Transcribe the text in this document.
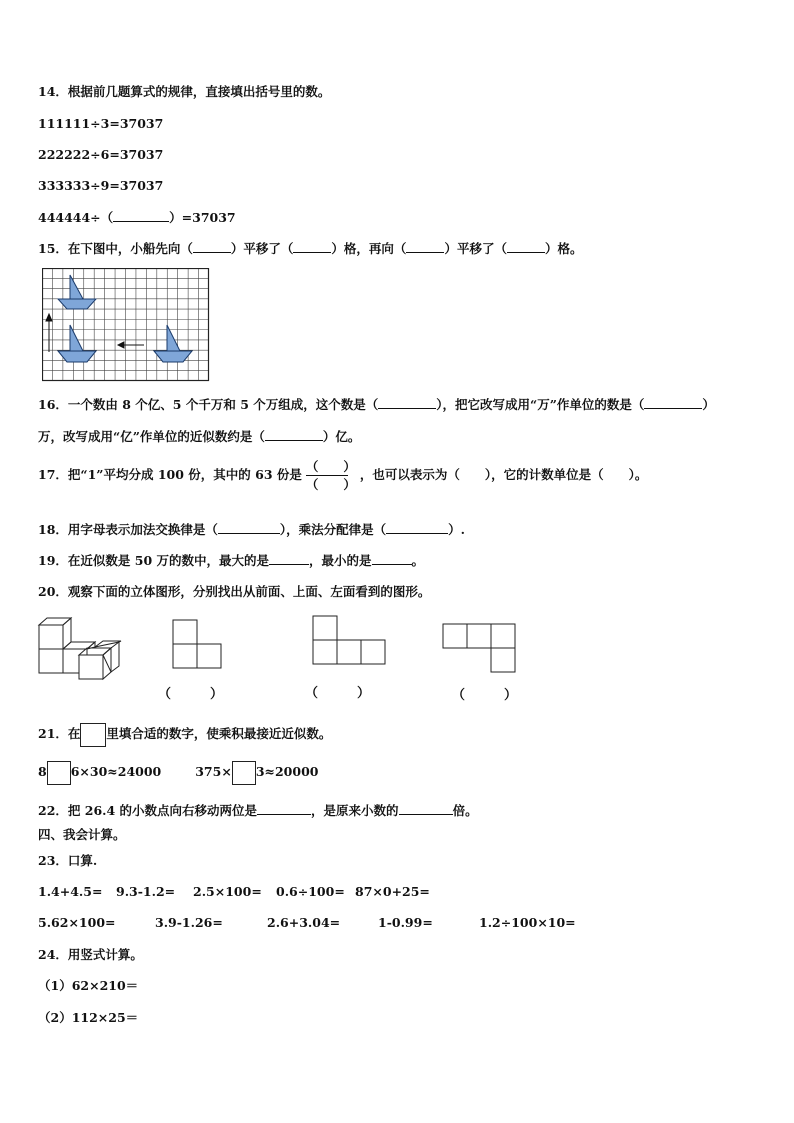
14．根据前几题算式的规律，直接填出括号里的数。
111111÷3=37037
222222÷6=37037
333333÷9=37037
444444÷（	）=37037
15．在下图中，小船先向（	）平移了（	）格，再向（	）平移了（	）格。
16．一个数由 8 个亿、5 个千万和 5 个万组成，这个数是（	），把它改写成用“万”作单位的数是（	）
万，改写成用“亿”作单位的近似数约是（	）亿。
17．把“1”平均分成 100 份，其中的 63 份是 $\frac{( )}{( )}$ ，也可以表示为（　　），它的计数单位是（　　）。
18．用字母表示加法交换律是（	），乘法分配律是（	）.
19．在近似数是 50 万的数中，最大的是	，最小的是	。
20．观察下面的立体图形，分别找出从前面、上面、左面看到的图形。
（　　　）	（　　　）	（　　　）
21．在 里填合适的数字，使乘积最接近近似数。
8 6×30≈24000	375× 3≈20000
22．把 26.4 的小数点向右移动两位是	，是原来小数的	倍。
四、我会计算。
23．口算.
1.4+4.5= 9.3-1.2= 2.5×100= 0.6÷100= 87×0+25=
5.62×100=	3.9-1.26=	2.6+3.04=	1-0.99=	1.2÷100×10=
24．用竖式计算。
（1）62×210＝
（2）112×25＝
